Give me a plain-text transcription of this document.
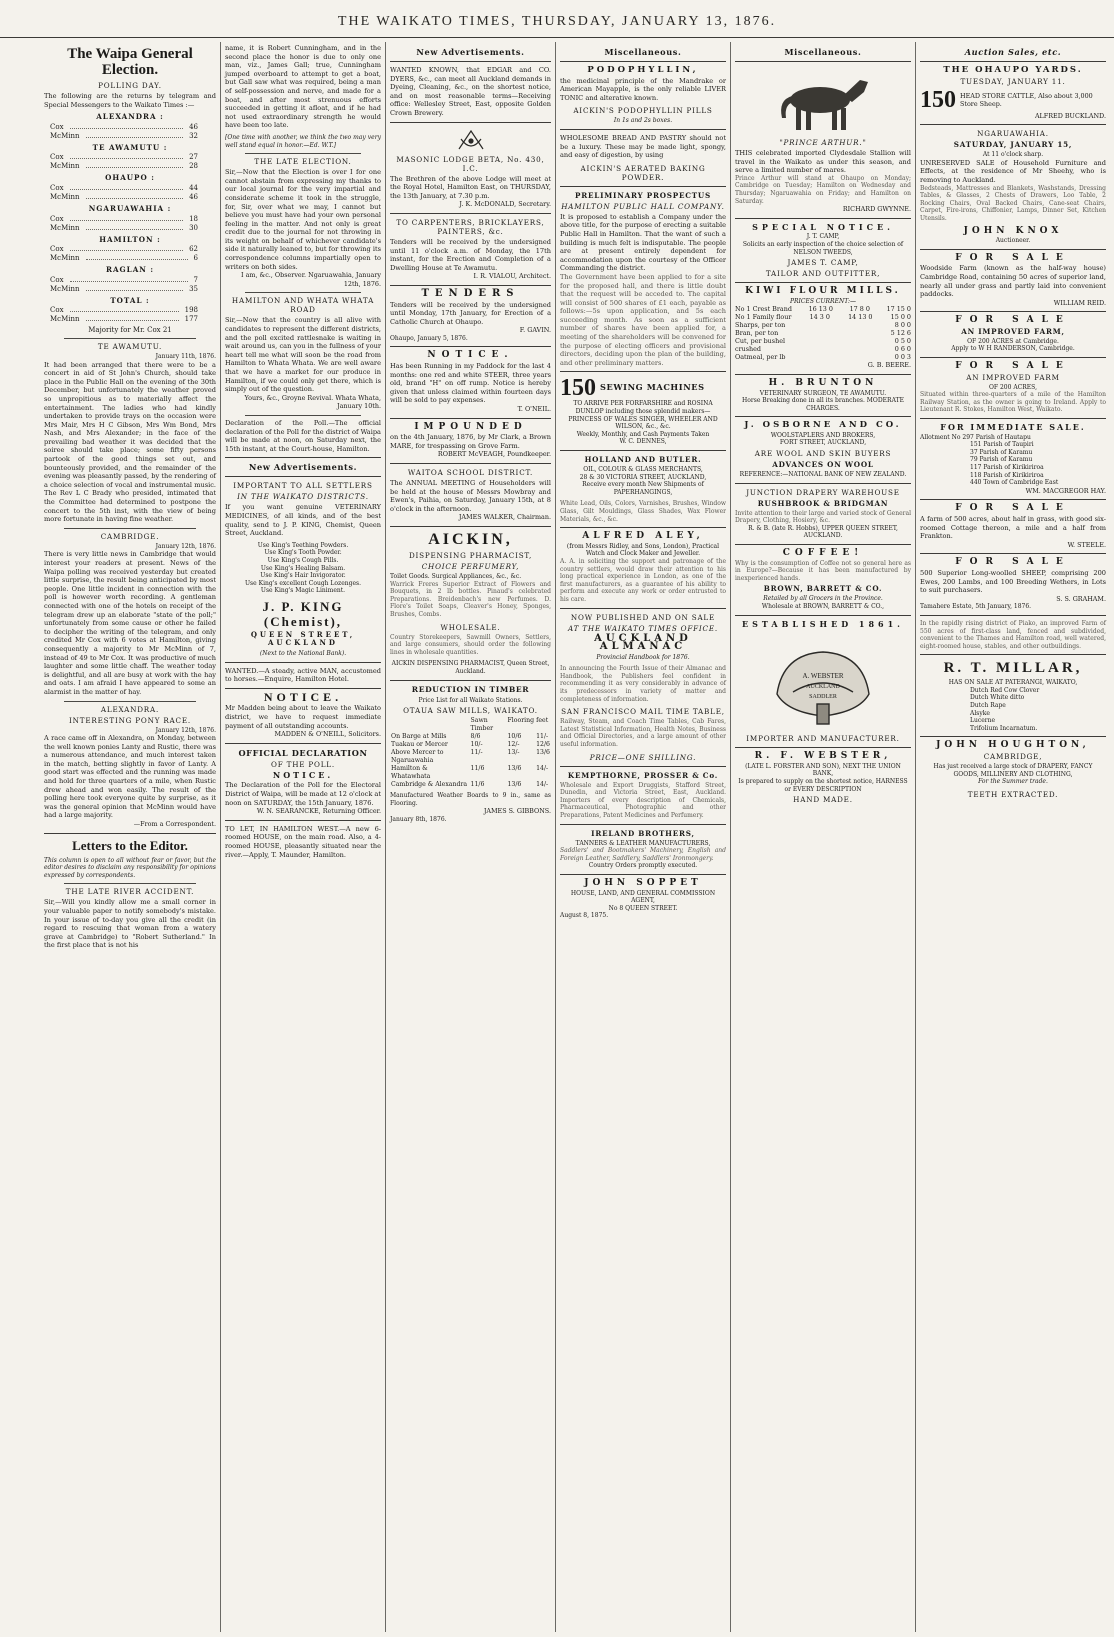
THE WAIKATO TIMES, THURSDAY, JANUARY 13, 1876.
The Waipa General Election.
POLLING DAY.
The following are the returns by telegram and Special Messengers to the Waikato Times :—
ALEXANDRA :
Cox	46
McMinn	32
TE AWAMUTU :
Cox	27
McMinn	28
OHAUPO :
Cox	44
McMinn	46
NGARUAWAHIA :
Cox	18
McMinn	30
HAMILTON :
Cox	62
McMinn	6
RAGLAN :
Cox	7
McMinn	35
TOTAL :
Cox	198
McMinn	177
Majority for Mr. Cox 21
TE AWAMUTU.
January 11th, 1876.
It had been arranged that there were to be a concert in aid of St John's Church, should take place in the Public Hall on the evening of the 30th December, but unfortunately the weather proved so unpropitious as to materially affect the entertainment. The ladies who had kindly undertaken to provide trays on the occasion were Mrs Mair, Mrs H C Gibson, Mrs Wm Bond, Mrs Nash, and Mrs Alexander; in the face of the prevailing bad weather it was decided that the soiree should take place; some fifty persons partook of the good things set out, and bounteously provided, and the remainder of the evening was pleasantly passed, by the rendering of a choice selection of vocal and instrumental music. The Rev L C Brady who presided, intimated that the Committee had determined to postpone the concert to the 5th inst, with the view of being more fortunate in having fine weather.
CAMBRIDGE.
January 12th, 1876.
There is very little news in Cambridge that would interest your readers at present. News of the Waipa polling was received yesterday but created little surprise, the result being anticipated by most people. One little incident in connection with the poll is however worth recording. A gentleman connected with one of the hotels on receipt of the telegram drew up an elaborate "state of the poll;" unfortunately from some cause or other he failed to decipher the writing of the telegram, and only credited Mr Cox with 6 votes at Hamilton, giving consequently a majority to Mr McMinn of 7, instead of 49 to Mr Cox. It was productive of much laughter and some little chaff. The weather today is delightful, and all are busy at work with the hay and oats. I am afraid I have appeared to some an alarmist in the matter of hay.
ALEXANDRA.
INTERESTING PONY RACE.
January 12th, 1876.
A race came off in Alexandra, on Monday, between the well known ponies Lanty and Rustic, there was a numerous attendance, and much interest taken in the match, betting slightly in favor of Lanty. A good start was effected and the running was made and hold for three quarters of a mile, when Rustic drew ahead and won easily. The result of the polling here took everyone quite by surprise, as it was the general opinion that McMinn would have had a large majority.
—From a Correspondent.
Letters to the Editor.
This column is open to all without fear or favor, but the editor desires to disclaim any responsibility for opinions expressed by correspondents.
THE LATE RIVER ACCIDENT.
Sir,—Will you kindly allow me a small corner in your valuable paper to notify somebody's mistake. In your issue of to-day you give all the credit (in regard to rescuing that woman from a watery grave at Cambridge) to "Robert Sutherland." In the first place that is not his
name, it is Robert Cunningham, and in the second place the honor is due to only one man, viz., James Gall; true, Cunningham jumped overboard to attempt to get a boat, but Gall saw what was required, being a man of self-possession and nerve, and made for a boat, and after most strenuous efforts succeeded in getting it afloat, and if he had not used extraordinary strength he would have been too late.
[One time with another, we think the two may very well stand equal in honor.—Ed. W.T.]
THE LATE ELECTION.
Sir,—Now that the Election is over I for one cannot abstain from expressing my thanks to our local journal for the very impartial and considerate scheme it took in the struggle, for, Sir, over what we may, I cannot but believe you must have had your own personal feeling in the matter. And not only is great credit due to the journal for not throwing in its weight on behalf of whichever candidate's side it naturally leaned to, but for throwing its correspondence columns impartially open to writers on both sides.
I am, &c., Observer. Ngaruawahia, January 12th, 1876.
HAMILTON AND WHATA WHATA ROAD
Sir,—Now that the country is all alive with candidates to represent the different districts, and the poll excited rattlesnake is waiting in wait around us, can you in the fullness of your heart tell me what will soon be the road from Hamilton to Whata Whata. We are well aware that we have a market for our produce in Hamilton, if we could only get there, which is simply out of the question.
Yours, &c., Groyne Revival. Whata Whata, January 10th.
Declaration of the Poll.—The official declaration of the Poll for the district of Waipa will be made at noon, on Saturday next, the 15th instant, at the Court-house, Hamilton.
New Advertisements.
IMPORTANT TO ALL SETTLERS
IN THE WAIKATO DISTRICTS.
If you want genuine VETERINARY MEDICINES, of all kinds, and of the best quality, send to J. P. KING, Chemist, Queen Street, Auckland.
Use King's Teething Powders.
Use King's Tooth Powder.
Use King's Cough Pills.
Use King's Healing Balsam.
Use King's Hair Invigorator.
Use King's excellent Cough Lozenges.
Use King's Magic Liniment.
J. P. KING (Chemist),
QUEEN STREET, AUCKLAND
(Next to the National Bank).
WANTED.—A steady, active MAN, accustomed to horses.—Enquire, Hamilton Hotel.
NOTICE.
Mr Madden being about to leave the Waikato district, we have to request immediate payment of all outstanding accounts.
MADDEN & O'NEILL, Solicitors.
OFFICIAL DECLARATION
OF THE POLL.
NOTICE.
The Declaration of the Poll for the Electoral District of Waipa, will be made at 12 o'clock at noon on SATURDAY, the 15th January, 1876.
W. N. SEARANCKE, Returning Officer.
TO LET, IN HAMILTON WEST.—A new 6-roomed HOUSE, on the main road. Also, a 4-roomed HOUSE, pleasantly situated near the river.—Apply, T. Maunder, Hamilton.
New Advertisements.
WANTED KNOWN, that EDGAR and CO. DYERS, &c., can meet all Auckland demands in Dyeing, Cleaning, &c., on the shortest notice, and on most reasonable terms—Receiving office: Wellesley Street, East, opposite Golden Crown Brewery.
MASONIC LODGE BETA, No. 430, I.C.
The Brethren of the above Lodge will meet at the Royal Hotel, Hamilton East, on THURSDAY, the 13th January, at 7.30 p.m.
J. K. McDONALD, Secretary.
TO CARPENTERS, BRICKLAYERS, PAINTERS, &c.
Tenders will be received by the undersigned until 11 o'clock a.m. of Monday, the 17th instant, for the Erection and Completion of a Dwelling House at Te Awamutu.
I. R. VIALOU, Architect.
TENDERS
Tenders will be received by the undersigned until Monday, 17th January, for Erection of a Catholic Church at Ohaupo.
F. GAVIN.
Ohaupo, January 5, 1876.
NOTICE.
Has been Running in my Paddock for the last 4 months: one red and white STEER, three years old, brand "H" on off rump. Notice is hereby given that unless claimed within fourteen days will be sold to pay expenses.
T. O'NEIL.
IMPOUNDED
on the 4th January, 1876, by Mr Clark, a Brown MARE, for trespassing on Grove Farm.
ROBERT McVEAGH, Poundkeeper.
WAITOA SCHOOL DISTRICT.
The ANNUAL MEETING of Householders will be held at the house of Messrs Mowbray and Ewen's, Paihia, on Saturday, January 15th, at 8 o'clock in the afternoon.
JAMES WALKER, Chairman.
AICKIN,
DISPENSING PHARMACIST,
CHOICE PERFUMERY,
Toilet Goods. Surgical Appliances, &c., &c.
Warrick Freres Superior Extract of Flowers and Bouquets, in 2 lb bottles. Pinaud's celebrated Preparations. Breidenbach's new Perfumes. D. Flore's Toilet Soaps, Cleaver's Honey, Sponges, Brushes, Combs.
WHOLESALE.
Country Storekeepers, Sawmill Owners, Settlers, and large consumers, should order the following lines in wholesale quantities.
AICKIN DISPENSING PHARMACIST, Queen Street, Auckland.
REDUCTION IN TIMBER
Price List for all Waikato Stations.
OTAUA SAW MILLS, WAIKATO.
	Sawn Timber	Flooring	feet
On Barge at Mills	8/6	10/6	11/-
Tuakau or Mercer	10/-	12/-	12/6
Above Mercer to Ngaruawahia	11/-	13/-	13/6
Hamilton & Whatawhata	11/6	13/6	14/-
Cambridge & Alexandra	11/6	13/6	14/-
Manufactured Weather Boards to 9 in., same as Flooring.
JAMES S. GIBBONS.
January 8th, 1876.
Miscellaneous.
PODOPHYLLIN,
the medicinal principle of the Mandrake or American Mayapple, is the only reliable LIVER TONIC and alterative known.
AICKIN'S PODOPHYLLIN PILLS
In 1s and 2s boxes.
WHOLESOME BREAD AND PASTRY should not be a luxury. These may be made light, spongy, and easy of digestion, by using
AICKIN'S AERATED BAKING POWDER.
PRELIMINARY PROSPECTUS
HAMILTON PUBLIC HALL COMPANY.
It is proposed to establish a Company under the above title, for the purpose of erecting a suitable Public Hall in Hamilton. That the want of such a building is much felt is indisputable. The people are at present entirely dependent for accommodation upon the courtesy of the Officer Commanding the district.
The Government have been applied to for a site for the proposed hall, and there is little doubt that the request will be acceded to. The capital will consist of 500 shares of £1 each, payable as follows:—5s upon application, and 5s each succeeding month. As soon as a sufficient number of shares have been applied for, a meeting of the shareholders will be convened for the purpose of electing officers and provisional directors, deciding upon the plan of the building, and other preliminary matters.
150 SEWING MACHINES
TO ARRIVE PER FORFARSHIRE and ROSINA DUNLOP including those splendid makers— PRINCESS OF WALES SINGER, WHEELER AND WILSON, &c., &c.
Weekly, Monthly, and Cash Payments Taken
W. C. DENNES,
HOLLAND AND BUTLER.
OIL, COLOUR & GLASS MERCHANTS,
28 & 30 VICTORIA STREET, AUCKLAND,
Receive every month New Shipments of PAPERHANGINGS,
White Lead, Oils, Colors, Varnishes, Brushes, Window Glass, Gilt Mouldings, Glass Shades, Wax Flower Materials, &c., &c.
ALFRED ALEY,
(from Messrs Ridley, and Sons, London), Practical Watch and Clock Maker and Jeweller.
A. A. in soliciting the support and patronage of the country settlers, would draw their attention to his long practical experience in London, as one of the first manufacturers, as a guarantee of his ability to perform and execute any work or order entrusted to his care.
NOW PUBLISHED AND ON SALE
AT THE WAIKATO TIMES OFFICE.
AUCKLAND ALMANAC
Provincial Handbook for 1876.
In announcing the Fourth Issue of their Almanac and Handbook, the Publishers feel confident in recommending it as very considerably in advance of its predecessors in variety of matter and completeness of information.
SAN FRANCISCO MAIL TIME TABLE,
Railway, Steam, and Coach Time Tables, Cab Fares, Latest Statistical Information, Health Notes, Business and Official Directories, and a large amount of other useful information.
PRICE—ONE SHILLING.
KEMPTHORNE, PROSSER & Co.
Wholesale and Export Druggists, Stafford Street, Dunedin, and Victoria Street, East, Auckland. Importers of every description of Chemicals, Pharmaceutical, Photographic and other Preparations, Patent Medicines and Perfumery.
IRELAND BROTHERS,
TANNERS & LEATHER MANUFACTURERS,
Saddlers' and Bootmakers' Machinery, English and Foreign Leather, Saddlery, Saddlers' Ironmongery.
Country Orders promptly executed.
JOHN SOPPET
HOUSE, LAND, AND GENERAL COMMISSION AGENT,
No 8 QUEEN STREET.
August 8, 1875.
Miscellaneous.
"PRINCE ARTHUR."
THIS celebrated imported Clydesdale Stallion will travel in the Waikato as under this season, and serve a limited number of mares.
Prince Arthur will stand at Ohaupo on Monday; Cambridge on Tuesday; Hamilton on Wednesday and Thursday; Ngaruawahia on Friday; and Hamilton on Saturday.
RICHARD GWYNNE.
SPECIAL NOTICE.
J. T. CAMP,
Solicits an early inspection of the choice selection of NELSON TWEEDS,
JAMES T. CAMP,
TAILOR AND OUTFITTER,
KIWI FLOUR MILLS.
PRICES CURRENT:—
No 1 Crest Brand	16 13 0	17 8 0	17 15 0
No 1 Family flour	14 3 0	14 13 0	15 0 0
Sharps, per ton	8 0 0
Bran, per ton	5 12 6
Cut, per bushel	0 5 0
crushed	0 6 0
Oatmeal, per lb	0 0 3
G. B. BEERE.
H. BRUNTON
VETERINARY SURGEON, TE AWAMUTU.
Horse Breaking done in all its branches. MODERATE CHARGES.
J. OSBORNE AND CO.
WOOLSTAPLERS AND BROKERS,
FORT STREET, AUCKLAND,
ARE WOOL AND SKIN BUYERS
ADVANCES ON WOOL
REFERENCE:—NATIONAL BANK OF NEW ZEALAND.
JUNCTION DRAPERY WAREHOUSE
RUSHBROOK & BRIDGMAN
Invite attention to their large and varied stock of General Drapery, Clothing, Hosiery, &c.
R. & B. (late R. Hobbs), UPPER QUEEN STREET, AUCKLAND.
COFFEE!
Why is the consumption of Coffee not so general here as in Europe?—Because it has been manufactured by inexperienced hands.
BROWN, BARRETT & CO.
Retailed by all Grocers in the Province.
Wholesale at BROWN, BARRETT & CO.,
ESTABLISHED 1861.
A. WEBSTER
AUCKLAND
SADDLER
IMPORTER AND MANUFACTURER.
R. F. WEBSTER,
(LATE L. FORSTER AND SON), NEXT THE UNION BANK,
Is prepared to supply on the shortest notice, HARNESS or EVERY DESCRIPTION
HAND MADE.
Auction Sales, etc.
THE OHAUPO YARDS.
TUESDAY, JANUARY 11.
150 HEAD STORE CATTLE, Also about 3,000 Store Sheep.
ALFRED BUCKLAND.
NGARUAWAHIA.
SATURDAY, JANUARY 15,
At 11 o'clock sharp.
UNRESERVED SALE of Household Furniture and Effects, at the residence of Mr Sheehy, who is removing to Auckland.
Bedsteads, Mattresses and Blankets, Washstands, Dressing Tables, & Glasses, 2 Chests of Drawers, Loo Table, 2 Rocking Chairs, Oval Backed Chairs, Cane-seat Chairs, Carpet, Fire-irons, Chiffonier, Lamps, Dinner Set, Kitchen Utensils.
JOHN KNOX
Auctioneer.
FOR SALE
Woodside Farm (known as the half-way house) Cambridge Road, containing 50 acres of superior land, nearly all under grass and partly laid into convenient paddocks.
WILLIAM REID.
FOR SALE
AN IMPROVED FARM,
OF 200 ACRES at Cambridge.
Apply to W H RANDERSON, Cambridge.
FOR SALE
AN IMPROVED FARM
OF 200 ACRES,
Situated within three-quarters of a mile of the Hamilton Railway Station, as the owner is going to Ireland. Apply to Lieutenant R. Stokes, Hamilton West, Waikato.
FOR IMMEDIATE SALE.
Allotment No 297 Parish of Hautapu
151 Parish of Taupiri
37 Parish of Karamu
79 Parish of Karamu
117 Parish of Kirikiriroa
118 Parish of Kirikiriroa
440 Town of Cambridge East
WM. MACGREGOR HAY.
FOR SALE
A farm of 500 acres, about half in grass, with good six-roomed Cottage thereon, a mile and a half from Frankton.
W. STEELE.
FOR SALE
500 Superior Long-woolled SHEEP, comprising 200 Ewes, 200 Lambs, and 100 Breeding Wethers, in Lots to suit purchasers.
S. S. GRAHAM.
Tamahere Estate, 5th January, 1876.
In the rapidly rising district of Piako, an improved Farm of 550 acres of first-class land, fenced and subdivided, convenient to the Thames and Hamilton road, well watered, eight-roomed house, stables, and other outbuildings.
R. T. MILLAR,
HAS ON SALE AT PATERANGI, WAIKATO,
Dutch Red Cow Clover
Dutch White ditto
Dutch Rape
Alsyke
Lucerne
Trifolium Incarnatum.
JOHN HOUGHTON,
CAMBRIDGE,
Has just received a large stock of DRAPERY, FANCY GOODS, MILLINERY AND CLOTHING,
For the Summer trade.
TEETH EXTRACTED.
